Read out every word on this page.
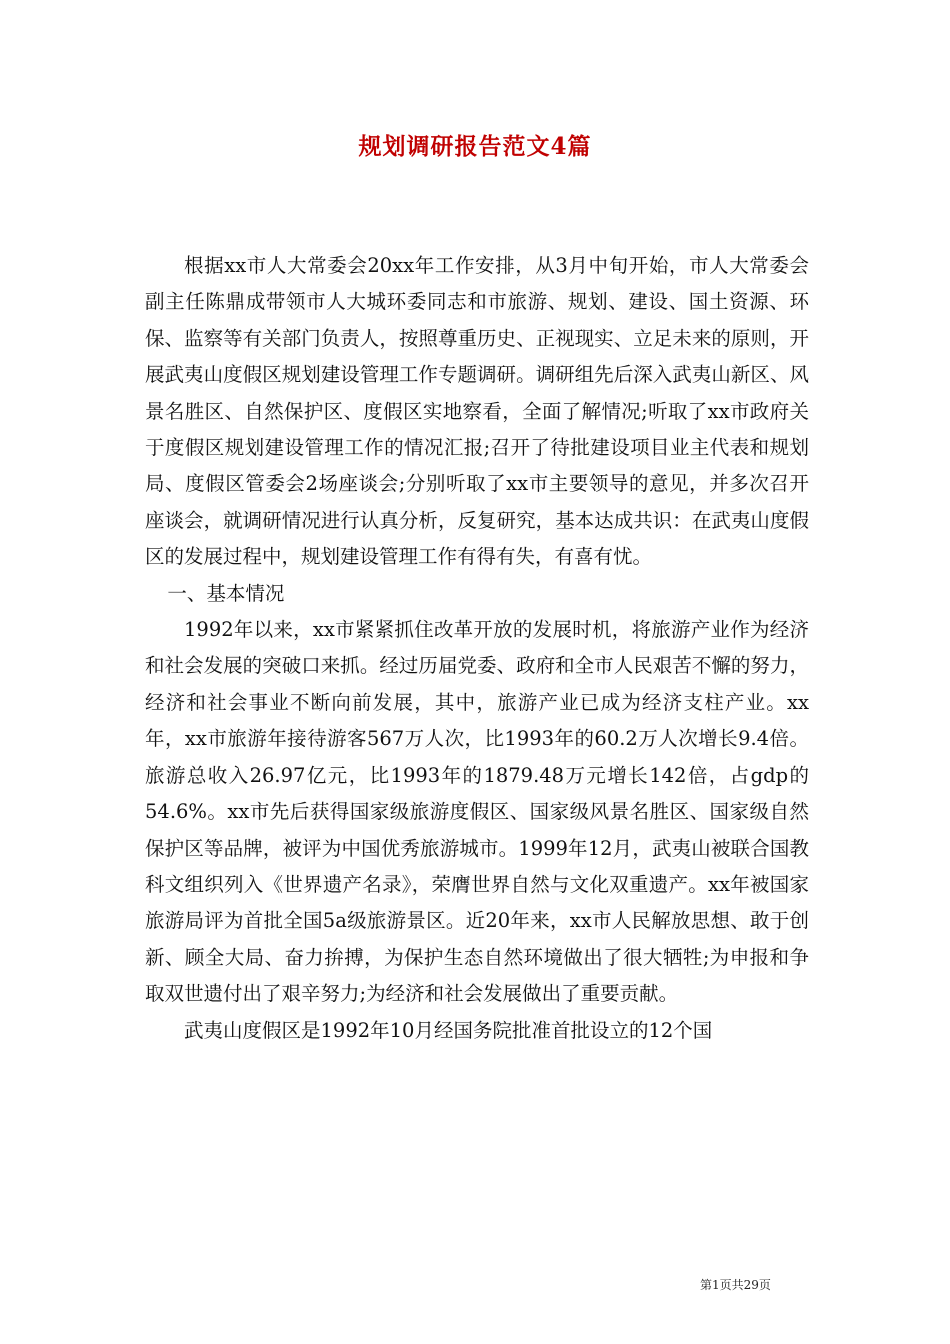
规划调研报告范文4篇

根据xx市人大常委会20xx年工作安排，从3月中旬开始，市人大常委会副主任陈鼎成带领市人大城环委同志和市旅游、规划、建设、国土资源、环保、监察等有关部门负责人，按照尊重历史、正视现实、立足未来的原则，开展武夷山度假区规划建设管理工作专题调研。调研组先后深入武夷山新区、风景名胜区、自然保护区、度假区实地察看，全面了解情况;听取了xx市政府关于度假区规划建设管理工作的情况汇报;召开了待批建设项目业主代表和规划局、度假区管委会2场座谈会;分别听取了xx市主要领导的意见，并多次召开座谈会，就调研情况进行认真分析，反复研究，基本达成共识：在武夷山度假区的发展过程中，规划建设管理工作有得有失，有喜有忧。

一、基本情况

1992年以来，xx市紧紧抓住改革开放的发展时机，将旅游产业作为经济和社会发展的突破口来抓。经过历届党委、政府和全市人民艰苦不懈的努力，经济和社会事业不断向前发展，其中，旅游产业已成为经济支柱产业。xx年，xx市旅游年接待游客567万人次，比1993年的60.2万人次增长9.4倍。旅游总收入26.97亿元，比1993年的1879.48万元增长142倍，占gdp的54.6%。xx市先后获得国家级旅游度假区、国家级风景名胜区、国家级自然保护区等品牌，被评为中国优秀旅游城市。1999年12月，武夷山被联合国教科文组织列入《世界遗产名录》，荣膺世界自然与文化双重遗产。xx年被国家旅游局评为首批全国5a级旅游景区。近20年来，xx市人民解放思想、敢于创新、顾全大局、奋力拚搏，为保护生态自然环境做出了很大牺牲;为申报和争取双世遗付出了艰辛努力;为经济和社会发展做出了重要贡献。

武夷山度假区是1992年10月经国务院批准首批设立的12个国

第1页共29页
